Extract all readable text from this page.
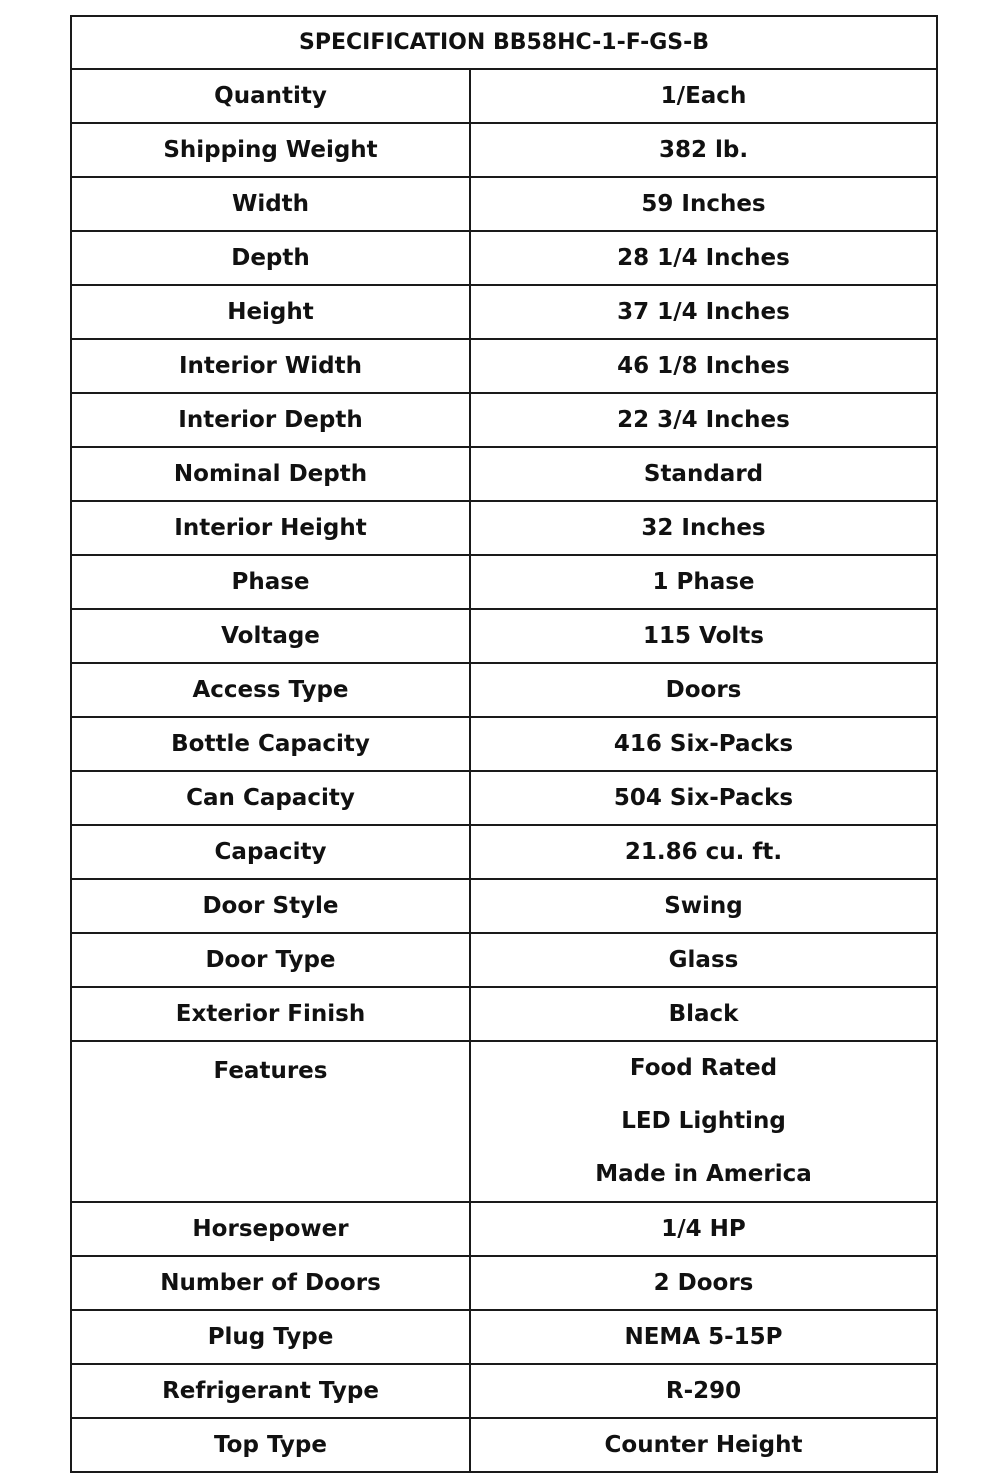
SPECIFICATION BB58HC-1-F-GS-B	
Quantity	1/Each
Shipping Weight	382 lb.
Width	59 Inches
Depth	28 1/4 Inches
Height	37 1/4 Inches
Interior Width	46 1/8 Inches
Interior Depth	22 3/4 Inches
Nominal Depth	Standard
Interior Height	32 Inches
Phase	1 Phase
Voltage	115 Volts
Access Type	Doors
Bottle Capacity	416 Six-Packs
Can Capacity	504 Six-Packs
Capacity	21.86 cu. ft.
Door Style	Swing
Door Type	Glass
Exterior Finish	Black
Features	Food Rated
LED Lighting
Made in America

Horsepower	1/4 HP
Number of Doors	2 Doors
Plug Type	NEMA 5-15P
Refrigerant Type	R-290
Top Type	Counter Height
